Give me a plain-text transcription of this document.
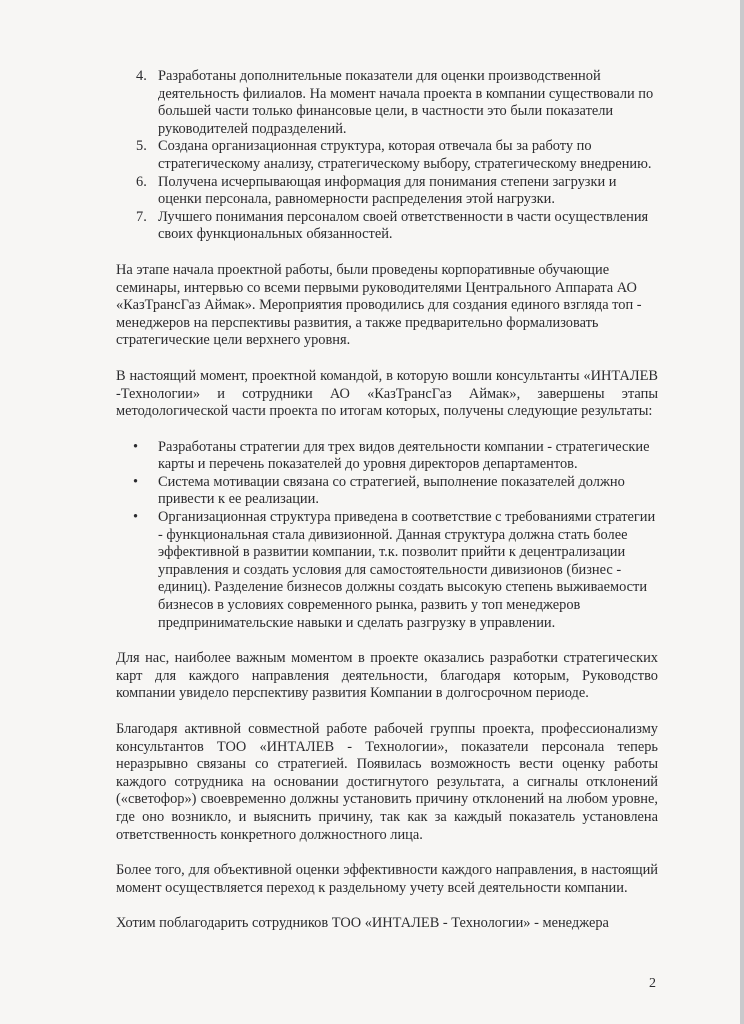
4. Разработаны дополнительные показатели для оценки производственной деятельность филиалов. На момент начала проекта в компании существовали по большей части только финансовые цели, в частности это были показатели руководителей подразделений.
5. Создана организационная структура, которая отвечала бы за работу по стратегическому анализу, стратегическому выбору, стратегическому внедрению.
6. Получена исчерпывающая информация для понимания степени загрузки и оценки персонала, равномерности распределения этой нагрузки.
7. Лучшего понимания персоналом своей ответственности в части осуществления своих функциональных обязанностей.

На этапе начала проектной работы, были проведены корпоративные обучающие семинары, интервью со всеми первыми руководителями Центрального Аппарата АО «КазТрансГаз Аймак». Мероприятия проводились для создания единого взгляда топ - менеджеров на перспективы развития, а также предварительно формализовать стратегические цели верхнего уровня.

В настоящий момент, проектной командой, в которую вошли консультанты «ИНТАЛЕВ -Технологии» и сотрудники АО «КазТрансГаз Аймак», завершены этапы методологической части проекта по итогам которых, получены следующие результаты:

• Разработаны стратегии для трех видов деятельности компании - стратегические карты и перечень показателей до уровня директоров департаментов.
• Система мотивации связана со стратегией, выполнение показателей должно привести к ее реализации.
• Организационная структура приведена в соответствие с требованиями стратегии - функциональная стала дивизионной. Данная структура должна стать более эффективной в развитии компании, т.к. позволит прийти к децентрализации управления и создать условия для самостоятельности дивизионов (бизнес - единиц). Разделение бизнесов должны создать высокую степень выживаемости бизнесов в условиях современного рынка, развить у топ менеджеров предпринимательские навыки и сделать разгрузку в управлении.

Для нас, наиболее важным моментом в проекте оказались разработки стратегических карт для каждого направления деятельности, благодаря которым, Руководство компании увидело перспективу развития Компании в долгосрочном периоде.

Благодаря активной совместной работе рабочей группы проекта, профессионализму консультантов ТОО «ИНТАЛЕВ - Технологии», показатели персонала теперь неразрывно связаны со стратегией. Появилась возможность вести оценку работы каждого сотрудника на основании достигнутого результата, а сигналы отклонений («светофор») своевременно должны установить причину отклонений на любом уровне, где оно возникло, и выяснить причину, так как за каждый показатель установлена ответственность конкретного должностного лица.

Более того, для объективной оценки эффективности каждого направления, в настоящий момент осуществляется переход к раздельному учету всей деятельности компании.

Хотим поблагодарить сотрудников ТОО «ИНТАЛЕВ - Технологии» - менеджера

2
